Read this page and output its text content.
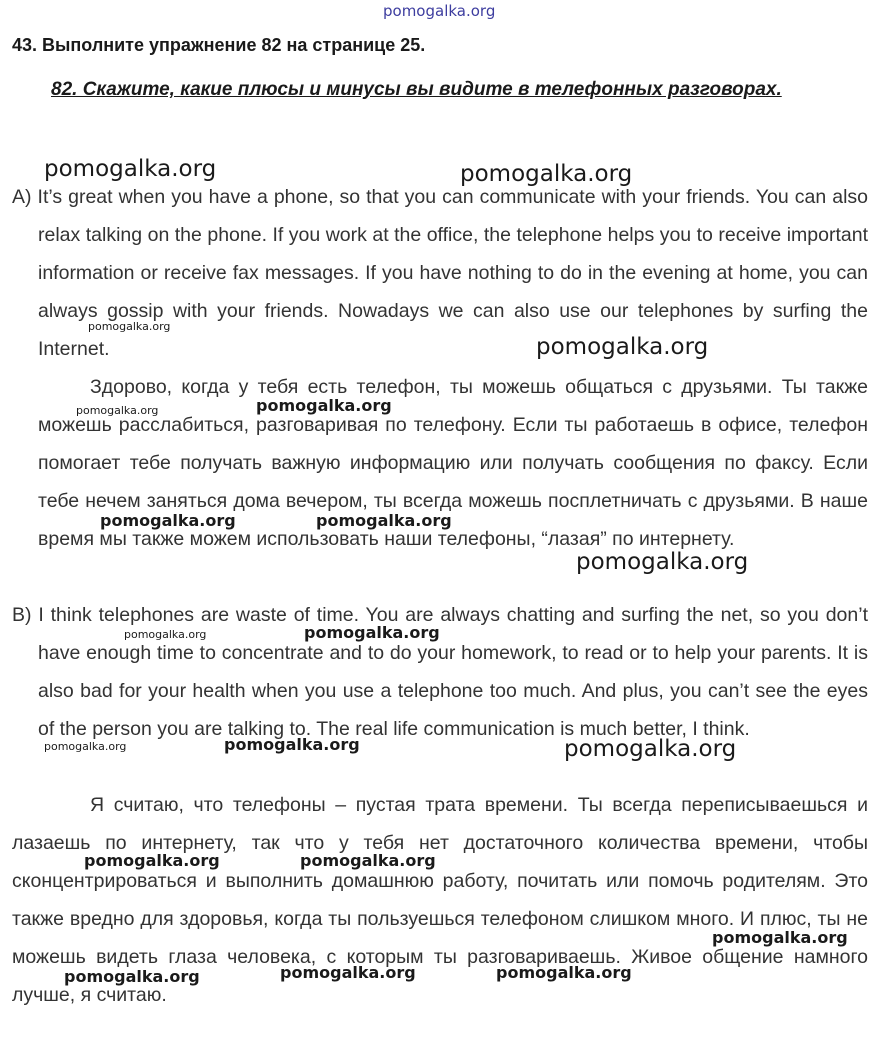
pomogalka.org
43. Выполните упражнение 82 на странице 25.
82. Скажите, какие плюсы и минусы вы видите в телефонных разговорах.
A) It’s great when you have a phone, so that you can communicate with your friends. You can also relax talking on the phone. If you work at the office, the telephone helps you to receive important information or receive fax messages. If you have nothing to do in the evening at home, you can always gossip with your friends. Nowadays we can also use our telephones by surfing the Internet.
Здорово, когда у тебя есть телефон, ты можешь общаться с друзьями. Ты также можешь расслабиться, разговаривая по телефону. Если ты работаешь в офисе, телефон помогает тебе получать важную информацию или получать сообщения по факсу. Если тебе нечем заняться дома вечером, ты всегда можешь посплетничать с друзьями. В наше время мы также можем использовать наши телефоны, “лазая” по интернету.
B) I think telephones are waste of time. You are always chatting and surfing the net, so you don’t have enough time to concentrate and to do your homework, to read or to help your parents. It is also bad for your health when you use a telephone too much. And plus, you can’t see the eyes of the person you are talking to. The real life communication is much better, I think.
Я считаю, что телефоны – пустая трата времени. Ты всегда переписываешься и лазаешь по интернету, так что у тебя нет достаточного количества времени, чтобы сконцентрироваться и выполнить домашнюю работу, почитать или помочь родителям. Это также вредно для здоровья, когда ты пользуешься телефоном слишком много. И плюс, ты не можешь видеть глаза человека, с которым ты разговариваешь. Живое общение намного лучше, я считаю.
pomogalka.org	pomogalka.org
pomogalka.org
pomogalka.org
pomogalka.org
pomogalka.org
pomogalka.org	pomogalka.org
pomogalka.org
pomogalka.org	pomogalka.org
pomogalka.org	pomogalka.org	pomogalka.org
pomogalka.org	pomogalka.org
pomogalka.org
pomogalka.org	pomogalka.org	pomogalka.org
